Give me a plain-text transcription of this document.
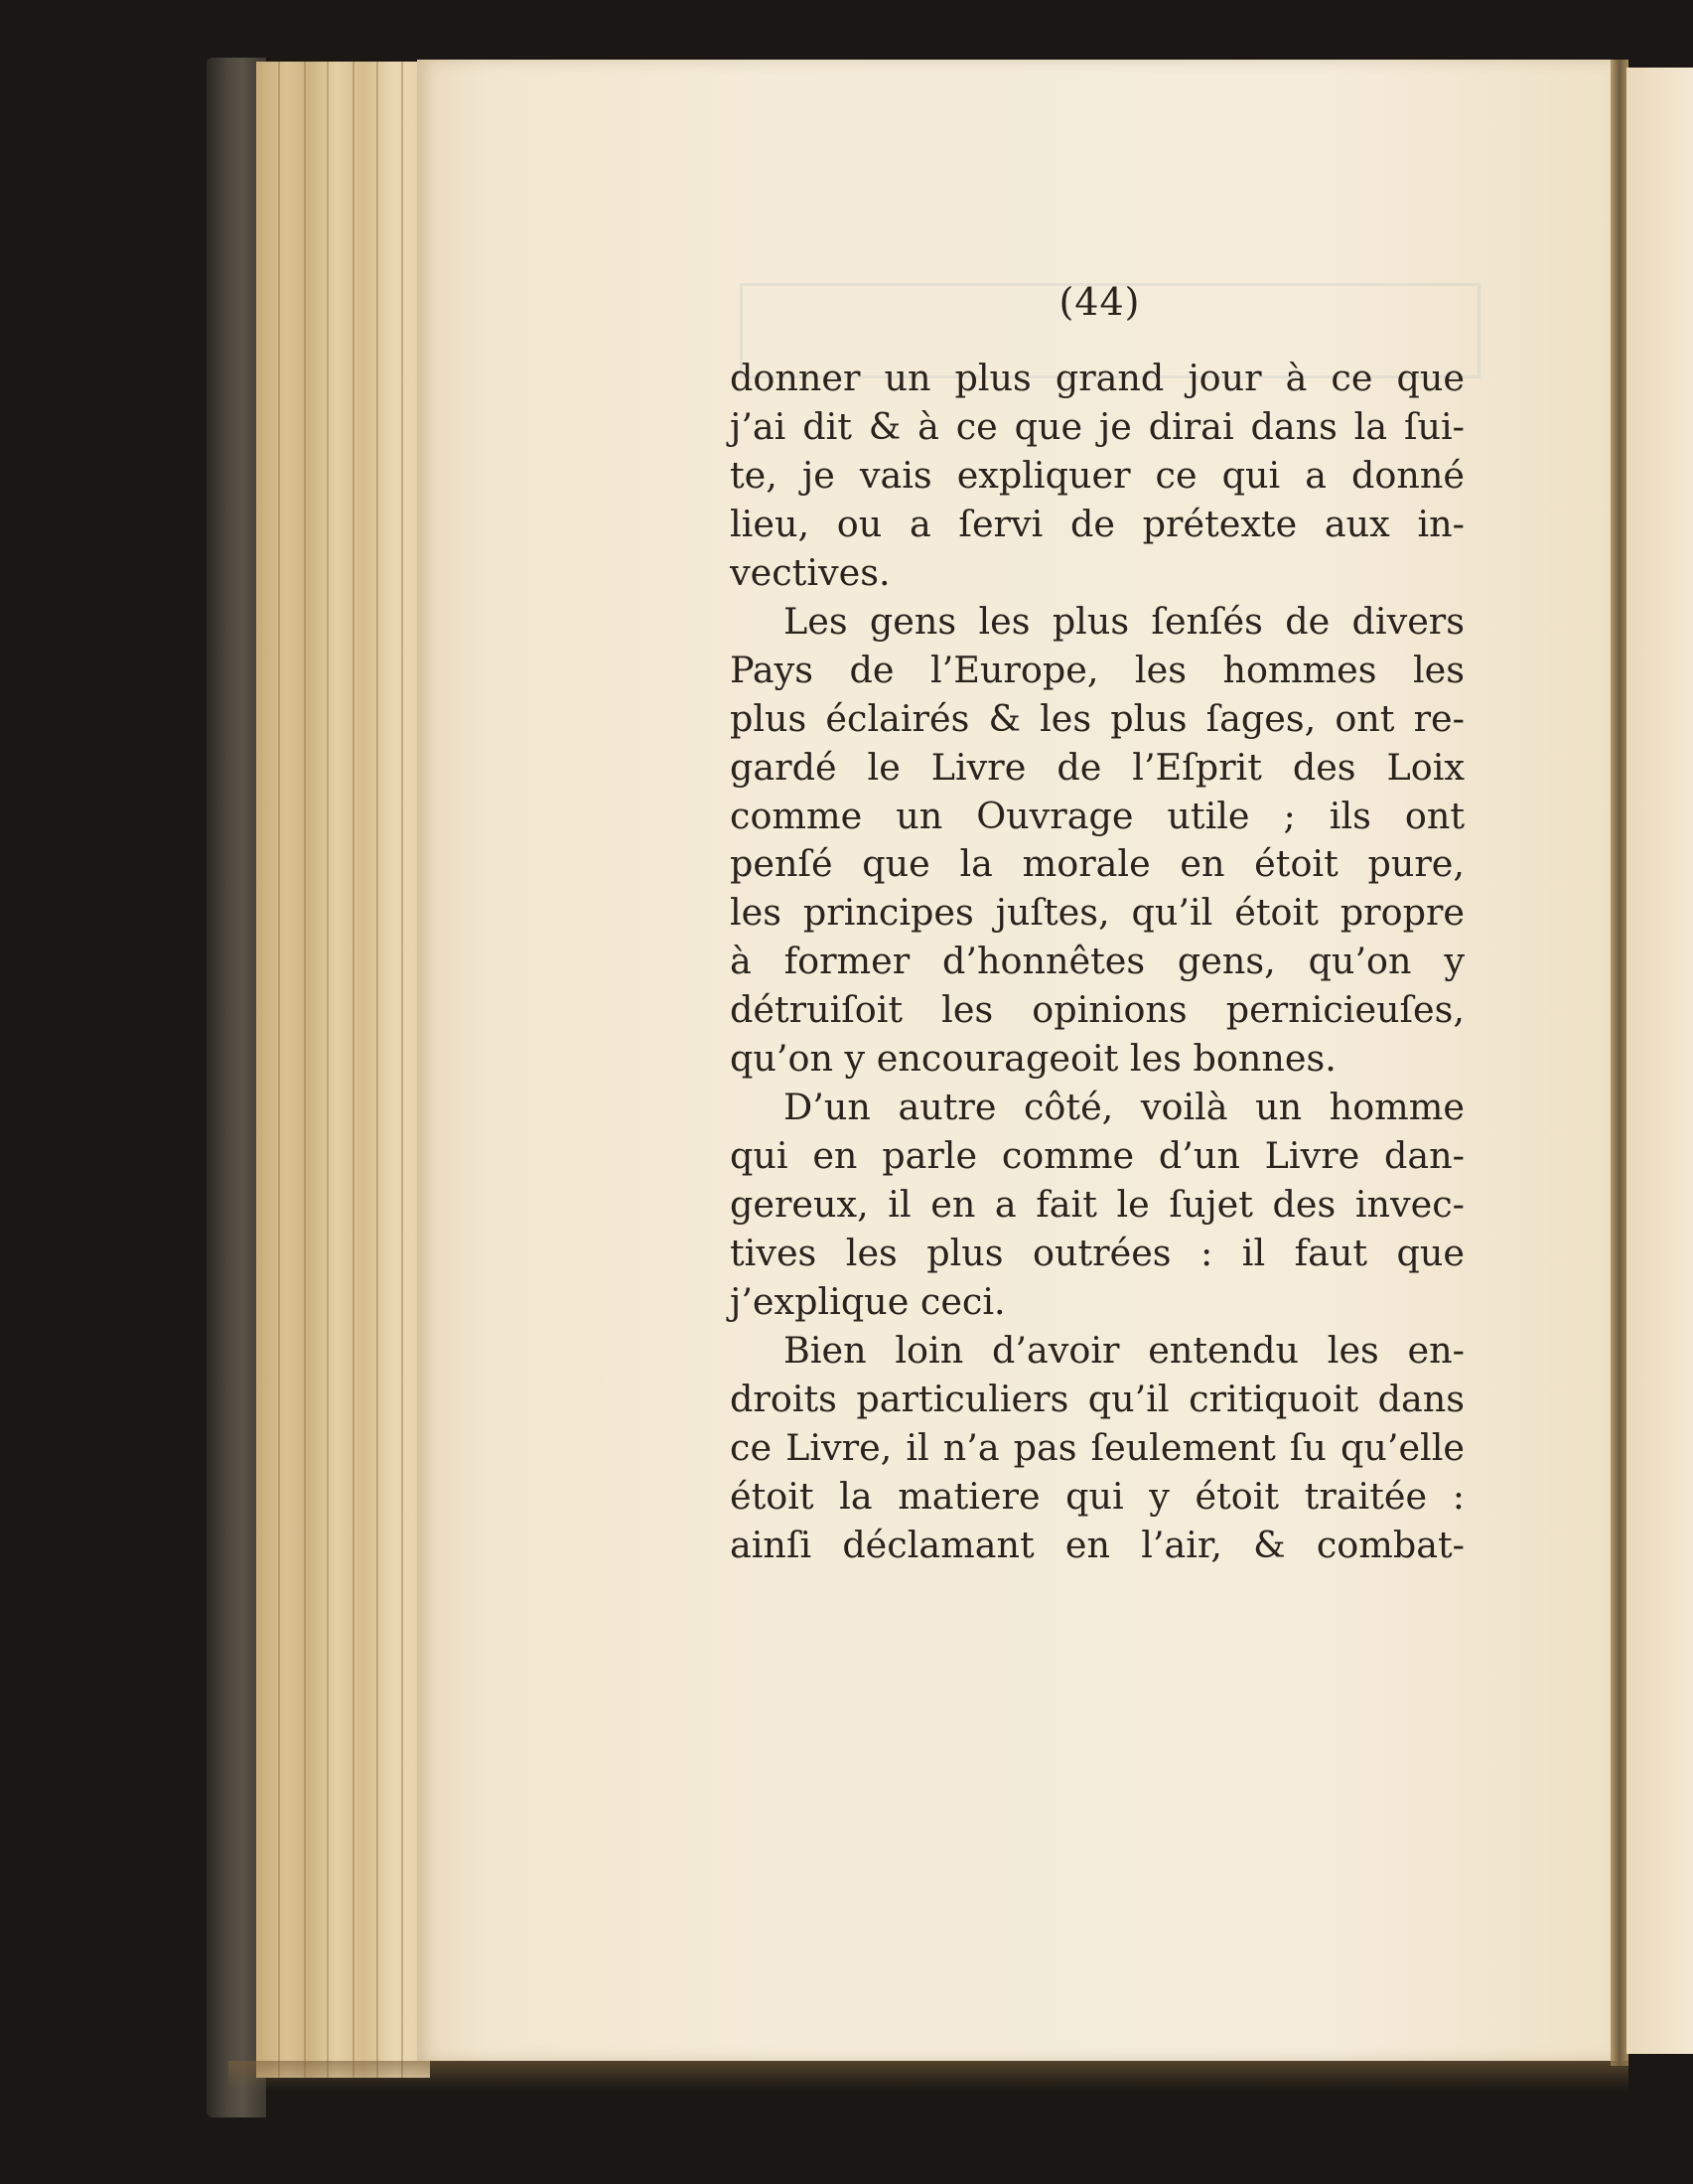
(44)
donner un plus grand jour à ce que
j’ai dit & à ce que je dirai dans la ſui-
te, je vais expliquer ce qui a donné
lieu, ou a ſervi de prétexte aux in-
vectives.
Les gens les plus ſenſés de divers
Pays de l’Europe, les hommes les
plus éclairés & les plus ſages, ont re-
gardé le Livre de l’Eſprit des Loix
comme un Ouvrage utile ; ils ont
penſé que la morale en étoit pure,
les principes juſtes, qu’il étoit propre
à former d’honnêtes gens, qu’on y
détruiſoit les opinions pernicieuſes,
qu’on y encourageoit les bonnes.
D’un autre côté, voilà un homme
qui en parle comme d’un Livre dan-
gereux, il en a fait le ſujet des invec-
tives les plus outrées : il faut que
j’explique ceci.
Bien loin d’avoir entendu les en-
droits particuliers qu’il critiquoit dans
ce Livre, il n’a pas ſeulement ſu qu’elle
étoit la matiere qui y étoit traitée :
ainſi déclamant en l’air, & combat-
